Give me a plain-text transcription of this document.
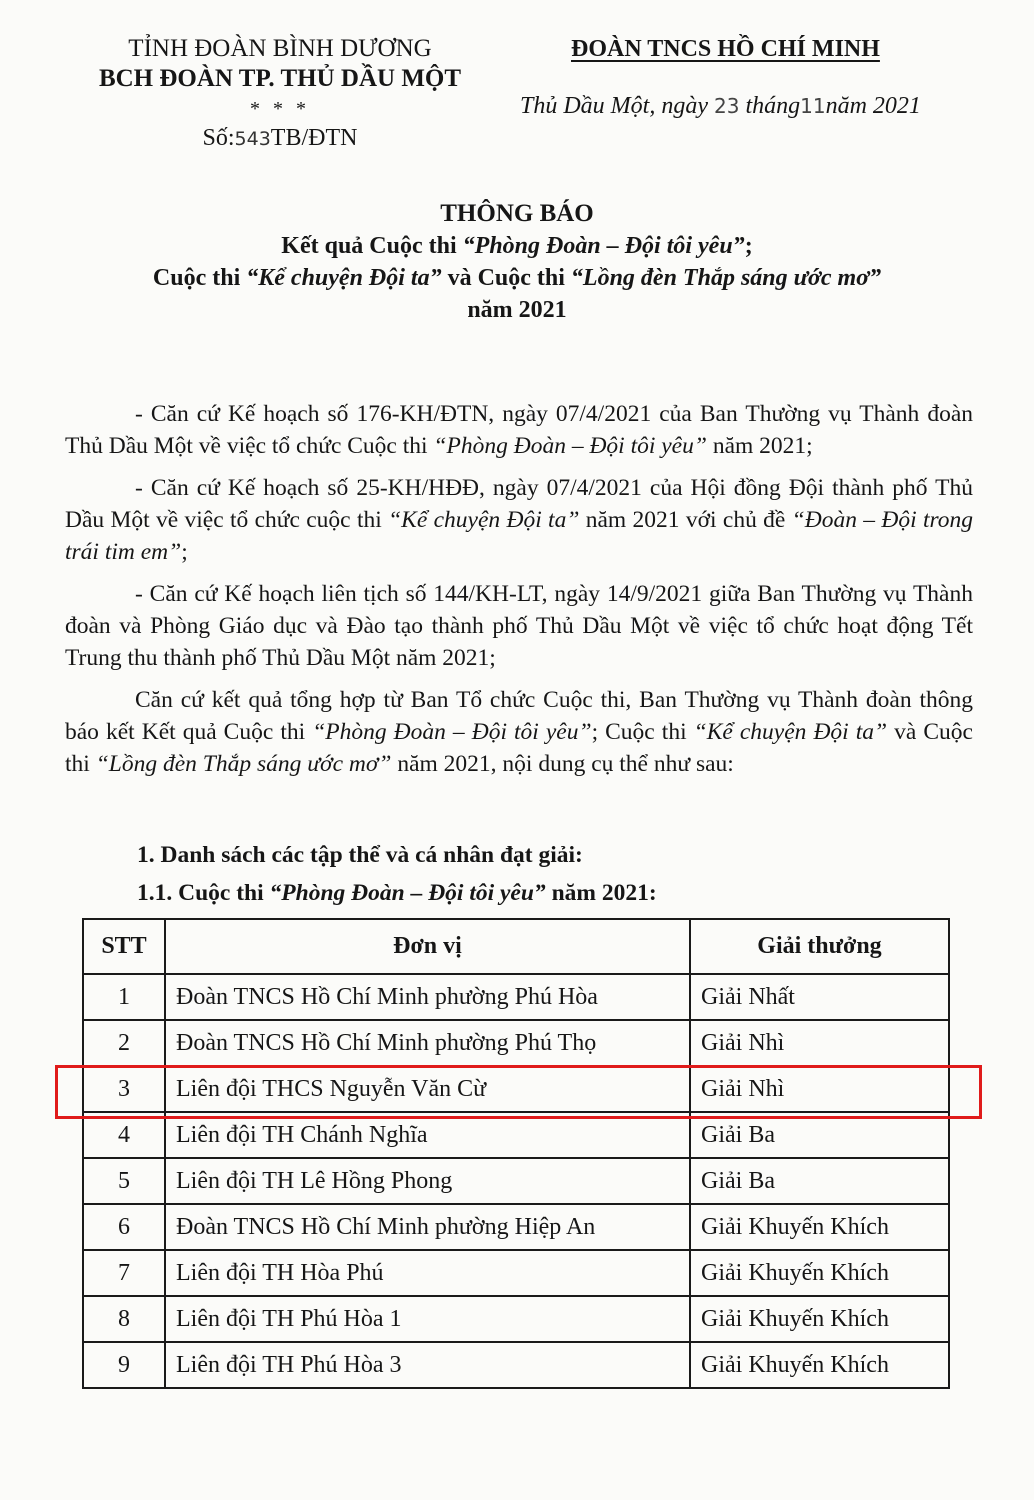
TỈNH ĐOÀN BÌNH DƯƠNG
BCH ĐOÀN TP. THỦ DẦU MỘT
* * *
Số:543TB/ĐTN
ĐOÀN TNCS HỒ CHÍ MINH
Thủ Dầu Một, ngày 23 tháng11năm 2021
THÔNG BÁO
Kết quả Cuộc thi “Phòng Đoàn – Đội tôi yêu”;
Cuộc thi “Kể chuyện Đội ta” và Cuộc thi “Lồng đèn Thắp sáng ước mơ”
năm 2021

- Căn cứ Kế hoạch số 176-KH/ĐTN, ngày 07/4/2021 của Ban Thường vụ Thành đoàn Thủ Dầu Một về việc tổ chức Cuộc thi “Phòng Đoàn – Đội tôi yêu” năm 2021;

- Căn cứ Kế hoạch số 25-KH/HĐĐ, ngày 07/4/2021 của Hội đồng Đội thành phố Thủ Dầu Một về việc tổ chức cuộc thi “Kể chuyện Đội ta” năm 2021 với chủ đề “Đoàn – Đội trong trái tim em”;

- Căn cứ Kế hoạch liên tịch số 144/KH-LT, ngày 14/9/2021 giữa Ban Thường vụ Thành đoàn và Phòng Giáo dục và Đào tạo thành phố Thủ Dầu Một về việc tổ chức hoạt động Tết Trung thu thành phố Thủ Dầu Một năm 2021;

Căn cứ kết quả tổng hợp từ Ban Tổ chức Cuộc thi, Ban Thường vụ Thành đoàn thông báo kết Kết quả Cuộc thi “Phòng Đoàn – Đội tôi yêu”; Cuộc thi “Kể chuyện Đội ta” và Cuộc thi “Lồng đèn Thắp sáng ước mơ” năm 2021, nội dung cụ thể như sau:

1. Danh sách các tập thể và cá nhân đạt giải:
1.1. Cuộc thi “Phòng Đoàn – Đội tôi yêu” năm 2021:
STT	Đơn vị	Giải thưởng
1	Đoàn TNCS Hồ Chí Minh phường Phú Hòa	Giải Nhất
2	Đoàn TNCS Hồ Chí Minh phường Phú Thọ	Giải Nhì
3	Liên đội THCS Nguyễn Văn Cừ	Giải Nhì
4	Liên đội TH Chánh Nghĩa	Giải Ba
5	Liên đội TH Lê Hồng Phong	Giải Ba
6	Đoàn TNCS Hồ Chí Minh phường Hiệp An	Giải Khuyến Khích
7	Liên đội TH Hòa Phú	Giải Khuyến Khích
8	Liên đội TH Phú Hòa 1	Giải Khuyến Khích
9	Liên đội TH Phú Hòa 3	Giải Khuyến Khích
